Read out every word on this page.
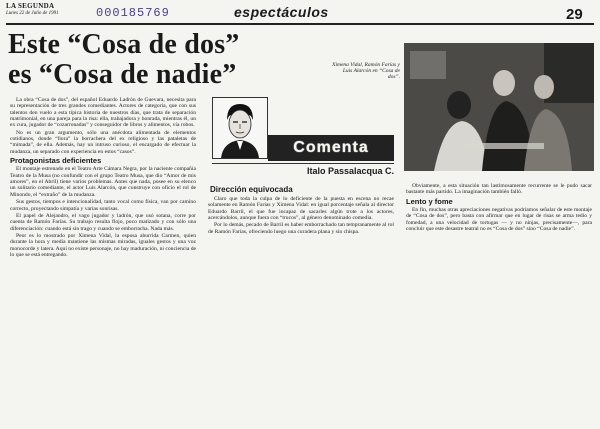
LA SEGUNDA
Lunes 22 de Julio de 1991	000185769	espectáculos	29
Este “Cosa de dos”
es “Cosa de nadie”	Ximena Vidal, Ramón Farías y Luis Alarcón en “Cosa de dos”.

La obra “Cosa de dos”, del español Eduardo Ladrón de Guevara, necesita para su representación de tres grandes comediantes. Actores de categoría, que con sus talentos den vuelo a esta típica historia de nuestros días, que trata de separación matrimonial, en una pareja para la risa: ella, trabajadora y honrada, mientras él, un ex cura, jugador de “cozarronadas” y conseguidor de libros y alimentos, vía robos.

No es un gran argumento, sólo una anécdota alimentada de elementos cotidianos, donde “llora” la borrachera del ex religioso y las pataletas de “mimada”, de ella. Además, hay un intruso curioso, el encargado de efectuar la mudanza, un separado con experiencia en estos “casos”.

Protagonistas deficientes

El montaje estrenado en el Teatro Arte Cámara Negra, por la naciente compañía Teatro de la Musa (no confundir con el grupo Teatro Musa, que dio “Amor de mis amores”, en el Abril) tiene varios problemas. Antes que nada, posee en su elenco un solitario comediante, el actor Luis Alarcón, que construye con oficio el rol de Minondo, el “extraño” de la mudanza.

Sus gestos, tiempos e intencionalidad, tanto vocal como física, van por camino correcto, proyectando simpatía y varias sonrisas.

El papel de Alejandro, el vago jugador y ladrón, que usó sotana, corre por cuenta de Ramón Farías. Su trabajo resulta flojo, poco matizado y con sólo una diferenciación: cuando está sin trago y cuando se emborracha. Nada más.

Peor es lo mostrado por Ximena Vidal, la esposa aburrida Carmen, quien durante la hora y media mantiene las mismas miradas, iguales gestos y una voz monocorde y latera. Aquí no existe personaje, no hay maduración, ni conciencia de lo que se está entregando.

Comenta
Italo Passalacqua C.
Dirección equivocada

Claro que toda la culpa de lo deficiente de la puesta en escena no recae solamente en Ramón Farías y Ximena Vidal: en igual porcentaje señala al director Eduardo Barril, el que fue incapaz de sacarles algún trote a los actores, acercándolos, aunque fuera con “trucos”, al género denominado comedia.

Por lo demás, pecado de Barril es haber emborrachado tan tempranamente al rol de Ramón Farías, ofreciendo luego una curadera plana y sin chispa.

Obviamente, a esta situación tan lastimosamente recurrente se le pudo sacar bastante más partido. La imaginación también falló.

Lento y fome

En fin, muchas otras apreciaciones negativas podríamos señalar de este montaje de “Cosa de dos”, pero basta con afirmar que en lugar de risas se arma tedio y fomedad, a una velocidad de tortugas — y no ninjas, precisamente—, para concluir que este desastre teatral no es “Cosa de dos” sino “Cosa de nadie”.
